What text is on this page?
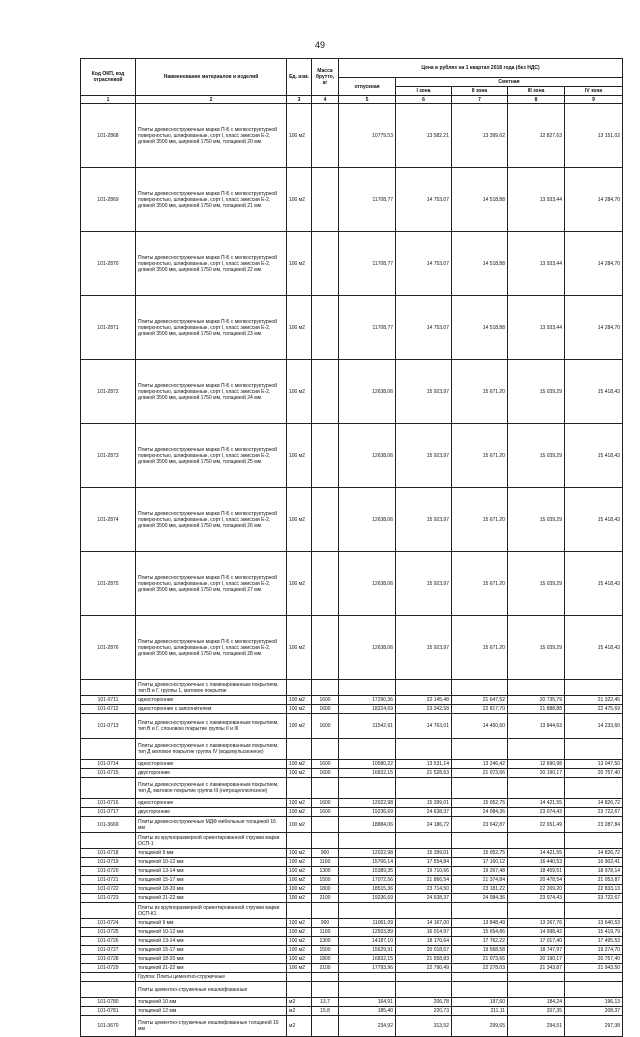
49
Код ОКП, код отраслевой	Наименование материалов и изделий	Ед. изм.	Масса брутто, кг	Цена в рублях на 1 квартал 2018 года (без НДС)				
				отпускная	Сметная			
					I зона	II зона	III зона	IV зона
1	2	3	4	5	6	7	8	9
101-2868	Плиты древесностружечные марки П-Б с мелкоструктурной поверхностью, шлифованные, сорт I, класс эмиссии Е-2, длиной 3500 мм, шириной 1750 мм, толщиной 20 мм	100 м2		10779,53	13 582,21	13 399,62	12 827,63	13 151,02
101-2869	Плиты древесностружечные марки П-Б с мелкоструктурной поверхностью, шлифованные, сорт I, класс эмиссии Е-2, длиной 3500 мм, шириной 1750 мм, толщиной 21 мм	100 м2		11708,77	14 753,07	14 518,88	13 933,44	14 284,70
101-2870	Плиты древесностружечные марки П-Б с мелкоструктурной поверхностью, шлифованные, сорт I, класс эмиссии Е-2, длиной 3500 мм, шириной 1750 мм, толщиной 22 мм	100 м2		11708,77	14 753,07	14 518,88	13 933,44	14 284,70
101-2871	Плиты древесностружечные марки П-Б с мелкоструктурной поверхностью, шлифованные, сорт I, класс эмиссии Е-2, длиной 3500 мм, шириной 1750 мм, толщиной 23 мм	100 м2		11708,77	14 753,07	14 518,88	13 933,44	14 284,70
101-2872	Плиты древесностружечные марки П-Б с мелкоструктурной поверхностью, шлифованные, сорт I, класс эмиссии Е-2, длиной 3500 мм, шириной 1750 мм, толщиной 24 мм	100 м2		12638,06	15 923,97	15 671,20	15 039,29	15 418,43
101-2873	Плиты древесностружечные марки П-Б с мелкоструктурной поверхностью, шлифованные, сорт I, класс эмиссии Е-2, длиной 3500 мм, шириной 1750 мм, толщиной 25 мм	100 м2		12638,06	15 923,97	15 671,20	15 039,29	15 418,43
101-2874	Плиты древесностружечные марки П-Б с мелкоструктурной поверхностью, шлифованные, сорт I, класс эмиссии Е-2, длиной 3500 мм, шириной 1750 мм, толщиной 26 мм	100 м2		12638,06	15 923,97	15 671,20	15 039,29	15 418,43
101-2875	Плиты древесностружечные марки П-Б с мелкоструктурной поверхностью, шлифованные, сорт I, класс эмиссии Е-2, длиной 3500 мм, шириной 1750 мм, толщиной 27 мм	100 м2		12638,06	15 923,97	15 671,20	15 039,29	15 418,43
101-2876	Плиты древесностружечные марки П-Б с мелкоструктурной поверхностью, шлифованные, сорт I, класс эмиссии Е-2, длиной 3500 мм, шириной 1750 мм, толщиной 28 мм	100 м2		12638,06	15 923,97	15 671,20	15 039,29	15 418,43
	Плиты древесностружечные с ламинированным покрытием, тип В и Г, группы 1, матовое покрытие							
101-0711	односторонние	100 м2	1600	17290,36	22 145,48	21 647,52	20 735,79	21 322,45
101-0712	односторонние с заполнителем	100 м2	1600	18224,69	23 342,58	22 817,70	21 888,88	22 475,69
101-0713	Плиты древесностружечные с ламинированным покрытием, тип В и Г, слоновою покрытие группы II и III	100 м2	1600	11542,61	14 763,01	14 450,60	13 844,63	14 233,60
	Плиты древесностружечные с ламинированным покрытием, тип Д матовое покрытие группа IV (водомульсионное)							
101-0714	односторонние	100 м2	1600	10580,22	13 531,14	13 246,42	12 690,98	13 047,50
101-0715	двусторонние	100 м2	1600	16832,15	21 528,63	21 073,66	20 190,17	20 757,40
	Плиты древесностружечные с ламинированным покрытием, тип Д, матовое покрытие группа III (нитроцеллюлозное)							
101-0716	односторонние	100 м2	1600	12022,98	15 399,01	15 052,75	14 421,55	14 826,72
101-0717	двусторонние	100 м2	1600	19236,69	24 638,37	24 084,36	23 074,43	23 722,67
101-3669	Плиты древесностружечные МДФ мебельные толщиной 16 мм	100 м2		18884,06	24 186,72	23 642,87	22 651,49	23 287,84
	Плиты из крупноразмерной ориентированной стружки марки ОСП-1							
101-0718	толщиной 9 мм	100 м2	900	12022,98	15 399,01	15 052,75	14 421,55	14 826,72
101-0719	толщиной 10-12 мм	100 м2	1100	15706,14	17 554,84	17 160,12	16 440,53	16 902,41
101-0720	толщиной 13-14 мм	100 м2	1300	15389,35	19 710,66	19 267,48	18 459,51	18 978,14
101-0721	толщиной 15-17 мм	100 м2	1500	17072,56	21 866,54	21 374,84	20 478,54	21 053,87
101-0722	толщиной 18-20 мм	100 м2	1800	18515,36	23 714,50	23 181,22	22 209,20	22 833,13
101-0723	толщиной 21-22 мм	100 м2	2100	19236,69	24 638,37	24 084,36	23 074,43	23 722,67
	Плиты из крупноразмерной ориентированной стружки марки ОСП-К1							
101-0724	толщиной 9 мм	100 м2	900	11061,09	14 167,00	13 848,49	13 267,76	13 640,53
101-0725	толщиной 10-12 мм	100 м2	1100	12503,89	16 014,97	15 654,86	14 998,42	15 419,79
101-0726	толщиной 13-14 мм	100 м2	1300	14187,10	18 170,64	17 762,22	17 017,40	17 495,53
101-0727	толщиной 15-17 мм	100 м2	1500	15629,91	20 018,67	19 568,58	18 747,97	19 274,70
101-0728	толщиной 18-20 мм	100 м2	1800	16832,15	21 558,83	21 073,66	20 190,17	20 757,40
101-0729	толщиной 21-22 мм	100 м2	2100	17793,96	22 790,49	22 278,03	21 343,87	21 943,50
	Группа: Плиты цементно-стружечные							
	Плиты цементно-стружечные нешлифованные							
101-0780	толщиной 10 мм	м2	13,7	164,91	206,78	197,60	184,24	196,13
101-0781	толщиной 12 мм	м2	15,8	185,40	220,73	211,11	207,35	208,37
101-3670	Плиты цементно-стружечные нешлифованные толщиной 16 мм	м2		234,92	313,52	299,65	294,51	297,38
